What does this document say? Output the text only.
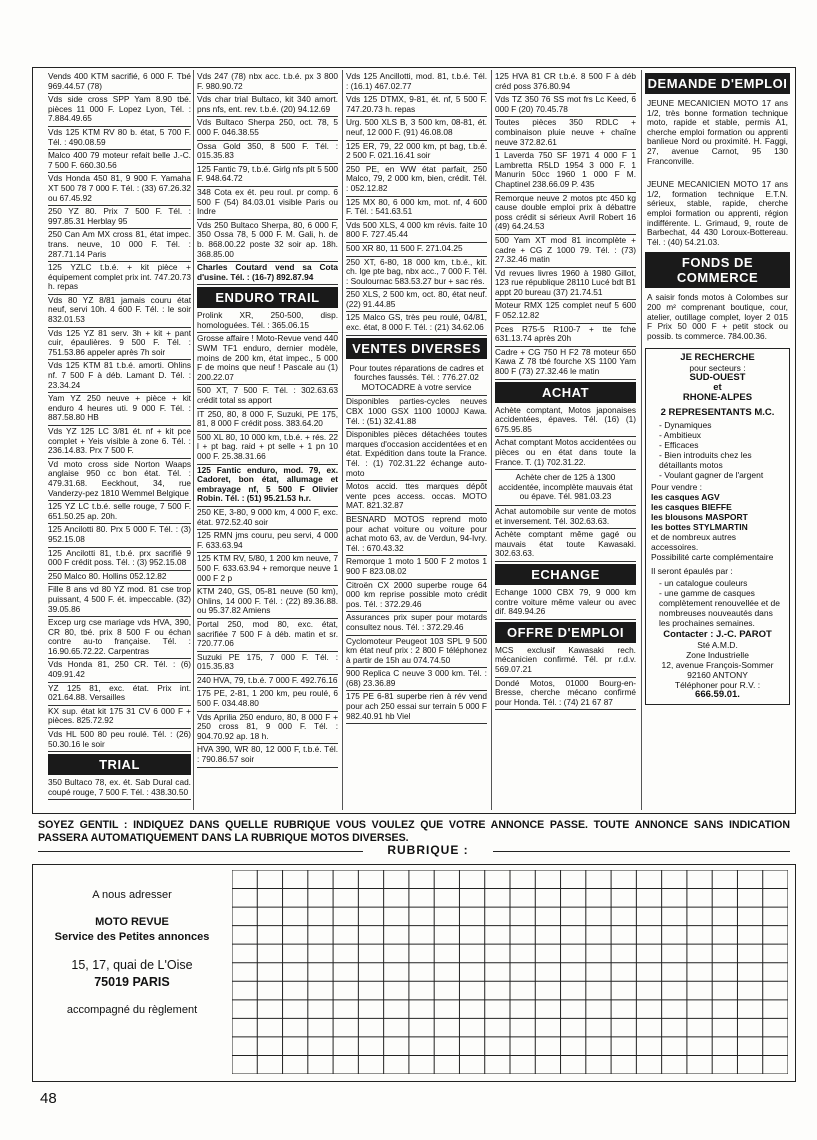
Vends 400 KTM sacrifié, 6 000 F. Tbé 969.44.57 (78)
Vds side cross SPP Yam 8.90 tbé. pièces 11 000 F. Lopez Lyon, Tél. : 7.884.49.65
Vds 125 KTM RV 80 b. état, 5 700 F. Tél. : 490.08.59
Malco 400 79 moteur refait belle J.-C. 7 500 F. 660.30.56
Vds Honda 450 81, 9 900 F. Yamaha XT 500 78 7 000 F. Tél. : (33) 67.26.32 ou 67.45.92
250 YZ 80. Prix 7 500 F. Tél. : 997.85.31 Herblay 95
250 Can Am MX cross 81, état impec. trans. neuve, 10 000 F. Tél. : 287.71.14 Paris
125 YZLC t.b.é. + kit pièce + équipement complet prix int. 747.20.73 h. repas
Vds 80 YZ 8/81 jamais couru état neuf, servi 10h. 4 600 F. Tél. : le soir 832.01.53
Vds 125 YZ 81 serv. 3h + kit + pant cuir, épaulières. 9 500 F. Tél. : 751.53.86 appeler après 7h soir
Vds 125 KTM 81 t.b.é. amorti. Ohlins nf. 7 500 F à déb. Lamant D. Tél. : 23.34.24
Yam YZ 250 neuve + pièce + kit enduro 4 heures uti. 9 000 F. Tél. : 887.58.80 HB
Vds YZ 125 LC 3/81 ét. nf + kit pce complet + Yeis visible à zone 6. Tél. : 236.14.83. Prx 7 500 F.
Vd moto cross side Norton Waaps anglaise 950 cc bon état. Tél. : 479.31.68. Eeckhout, 34, rue Vanderzy-pez 1810 Wemmel Belgique
125 YZ LC t.b.é. selle rouge, 7 500 F. 651.50.25 ap. 20h.
125 Ancilotti 80. Prx 5 000 F. Tél. : (3) 952.15.08
125 Ancilotti 81, t.b.é. prx sacrifié 9 000 F crédit poss. Tél. : (3) 952.15.08
250 Malco 80. Hollins 052.12.82
Fille 8 ans vd 80 YZ mod. 81 cse trop puissant, 4 500 F. ét. impeccable. (32) 39.05.86
Excep urg cse mariage vds HVA, 390, CR 80, tbé. prix 8 500 F ou échan contre au-to française. Tél. : 16.90.65.72.22. Carpentras
Vds Honda 81, 250 CR. Tél. : (6) 409.91.42
YZ 125 81, exc. état. Prix int. 021.64.88. Versailles
KX sup. état kit 175 31 CV 6 000 F + pièces. 825.72.92
Vds HL 500 80 peu roulé. Tél. : (26) 50.30.16 le soir
TRIAL
350 Bultaco 78, ex. ét. Sab Dural cad. coupé rouge, 7 500 F. Tél. : 438.30.50
Vds 247 (78) nbx acc. t.b.é. px 3 800 F. 980.90.72
Vds char trial Bultaco, kit 340 amort. pns nfs, ent. rev. t.b.é. (20) 94.12.69
Vds Bultaco Sherpa 250, oct. 78, 5 000 F. 046.38.55
Ossa Gold 350, 8 500 F. Tél. : 015.35.83
125 Fantic 79, t.b.é. Girlg nfs plt 5 500 F. 948.64.72
348 Cota ex ét. peu roul. pr comp. 6 500 F (54) 84.03.01 visible Paris ou Indre
Vds 250 Bultaco Sherpa, 80, 6 000 F, 350 Ossa 78, 5 000 F. M. Gali, h. de b. 868.00.22 poste 32 soir ap. 18h. 368.85.00
Charles Coutard vend sa Cota d'usine. Tél. : (16-7) 892.87.94
ENDURO TRAIL
Prolink XR, 250-500, disp. homologuées. Tél. : 365.06.15
Grosse affaire ! Moto-Revue vend 440 SWM TF1 enduro, dernier modèle, moins de 200 km, état impec., 5 000 F de moins que neuf ! Pascale au (1) 200.22.07
500 XT, 7 500 F. Tél. : 302.63.63 crédit total ss apport
IT 250, 80, 8 000 F, Suzuki, PE 175, 81, 8 000 F crédit poss. 383.64.20
500 XL 80, 10 000 km, t.b.é. + rés. 22 l + pt bag. raid + pt selle + 1 pn 10 000 F. 25.38.31.66
125 Fantic enduro, mod. 79, ex. Cadoret, bon état, allumage et embrayage nf, 5 500 F Olivier Robin. Tél. : (51) 95.21.53 h.r.
250 KE, 3-80, 9 000 km, 4 000 F, exc. état. 972.52.40 soir
125 RMN jms couru, peu servi, 4 000 F. 633.63.94
125 KTM RV, 5/80, 1 200 km neuve, 7 500 F. 633.63.94 + remorque neuve 1 000 F 2 p
KTM 240, GS, 05-81 neuve (50 km), Ohlins, 14 000 F. Tél. : (22) 89.36.88. ou 95.37.82 Amiens
Portal 250, mod 80, exc. état, sacrifiée 7 500 F à déb. matin et sr. 720.77.06
Suzuki PE 175, 7 000 F. Tél. : 015.35.83
240 HVA, 79, t.b.é. 7 000 F. 492.76.16
175 PE, 2-81, 1 200 km, peu roulé, 6 500 F. 034.48.80
Vds Aprilia 250 enduro, 80, 8 000 F + 250 cross 81, 9 000 F. Tél. : 904.70.92 ap. 18 h.
HVA 390, WR 80, 12 000 F, t.b.é. Tél. : 790.86.57 soir
Vds 125 Ancillotti, mod. 81, t.b.é. Tél. : (16.1) 467.02.77
Vds 125 DTMX, 9-81, ét. nf, 5 500 F. 747.20.73 h. repas
Urg. 500 XLS B, 3 500 km, 08-81, ét. neuf, 12 000 F. (91) 46.08.08
125 ER, 79, 22 000 km, pt bag, t.b.é. 2 500 F. 021.16.41 soir
250 PE, en WW état parfait, 250 Malco, 79, 2 000 km, bien, crédit. Tél. : 052.12.82
125 MX 80, 6 000 km, mot. nf, 4 600 F. Tél. : 541.63.51
Vds 500 XLS, 4 000 km révis. faite 10 800 F. 727.45.44
500 XR 80, 11 500 F. 271.04.25
250 XT, 6-80, 18 000 km, t.b.é., kit. ch. lge pte bag, nbx acc., 7 000 F. Tél. : Soulournac 583.53.27 bur + sac rés.
250 XLS, 2 500 km, oct. 80, état neuf. (22) 91.44.85
125 Malco GS, très peu roulé, 04/81, exc. état, 8 000 F. Tél. : (21) 34.62.06
VENTES DIVERSES
Pour toutes réparations de cadres et fourches faussés. Tél. : 776.27.02 MOTOCADRE à votre service
Disponibles parties-cycles neuves CBX 1000 GSX 1100 1000J Kawa. Tél. : (51) 32.41.88
Disponibles pièces détachées toutes marques d'occasion accidentées et en état. Expédition dans toute la France. Tél. : (1) 702.31.22 échange auto-moto
Motos accid. ttes marques dépôt vente pces access. occas. MOTO MAT. 821.32.87
BESNARD MOTOS reprend moto pour achat voiture ou voiture pour achat moto 63, av. de Verdun, 94-Ivry. Tél. : 670.43.32
Remorque 1 moto 1 500 F 2 motos 1 900 F 823.08.02
Citroën CX 2000 superbe rouge 64 000 km reprise possible moto crédit pos. Tél. : 372.29.46
Assurances prix super pour motards consultez nous. Tél. : 372.29.46
Cyclomoteur Peugeot 103 SPL 9 500 km état neuf prix : 2 800 F téléphonez à partir de 15h au 074.74.50
900 Replica C neuve 3 000 km. Tél. : (68) 23.36.89
175 PE 6-81 superbe rien à rév vend pour ach 250 essai sur terrain 5 000 F 982.40.91 hb Viel
125 HVA 81 CR t.b.é. 8 500 F à déb créd poss 376.80.94
Vds TZ 350 76 SS mot frs Lc Keed, 6 000 F (20) 70.45.78
Toutes pièces 350 RDLC + combinaison pluie neuve + chaîne neuve 372.82.61
1 Laverda 750 SF 1971 4 000 F 1 Lambretta R5LD 1954 3 000 F. 1 Manurin 50cc 1960 1 000 F M. Chaptinel 238.66.09 P. 435
Remorque neuve 2 motos ptc 450 kg cause double emploi prix à débattre poss crédit si sérieux Avril Robert 16 (49) 64.24.53
500 Yam XT mod 81 incomplète + cadre + CG Z 1000 79. Tél. : (73) 27.32.46 matin
Vd revues livres 1960 à 1980 Gillot, 123 rue république 28110 Lucé bdt B1 appt 20 bureau (37) 21.74.51
Moteur RMX 125 complet neuf 5 600 F 052.12.82
Pces R75-5 R100-7 + tte fche 631.13.74 après 20h
Cadre + CG 750 H F2 78 moteur 650 Kawa Z 78 tbé fourche XS 1100 Yam 800 F (73) 27.32.46 le matin
ACHAT
Achète comptant, Motos japonaises accidentées, épaves. Tél. (16) (1) 675.95.85
Achat comptant Motos accidentées ou pièces ou en état dans toute la France. T. (1) 702.31.22.
Achète cher de 125 à 1300 accidentée, incomplète mauvais état ou épave. Tél. 981.03.23
Achat automobile sur vente de motos et inversement. Tél. 302.63.63.
Achète comptant même gagé ou mauvais état toute Kawasaki. 302.63.63.
ECHANGE
Echange 1000 CBX 79, 9 000 km contre voiture même valeur ou avec dif. 849.94.26
OFFRE D'EMPLOI
MCS exclusif Kawasaki rech. mécanicien confirmé. Tél. pr r.d.v. 569.07.21
Dondé Motos, 01000 Bourg-en-Bresse, cherche mécano confirmé pour Honda. Tél. : (74) 21 67 87
DEMANDE D'EMPLOI
JEUNE MECANICIEN MOTO 17 ans 1/2, très bonne formation technique moto, rapide et stable, permis A1, cherche emploi formation ou apprenti banlieue Nord ou proximité. H. Faggi, 27, avenue Carnot, 95 130 Franconville.
JEUNE MECANICIEN MOTO 17 ans 1/2, formation technique E.T.N. sérieux, stable, rapide, cherche emploi formation ou apprenti, région indifférente. L. Grimaud, 9, route de Barbechat, 44 430 Loroux-Bottereau. Tél. : (40) 54.21.03.
FONDS DE COMMERCE
A saisir fonds motos à Colombes sur 200 m² comprenant boutique, cour, atelier, outillage complet, loyer 2 015 F Prix 50 000 F + petit stock ou possib. ts commerce. 784.00.36.
JE RECHERCHE
pour secteurs :
SUD-OUEST
et
RHONE-ALPES
2 REPRESENTANTS M.C.
- Dynamiques
- Ambitieux
- Efficaces
- Bien introduits chez les détaillants motos
- Voulant gagner de l'argent
Pour vendre :
les casques AGV
les casques BIEFFE
les blousons MASPORT
les bottes STYLMARTIN
et de nombreux autres accessoires.
Possibilité carte complémentaire
Il seront épaulés par :
- un catalogue couleurs
- une gamme de casques complètement renouvellée et de nombreuses nouveautés dans les prochaines semaines.
Contacter : J.-C. PAROT
Sté A.M.D.
Zone Industrielle
12, avenue François-Sommer
92160 ANTONY
Téléphoner pour R.V. :
666.59.01.
SOYEZ GENTIL : INDIQUEZ DANS QUELLE RUBRIQUE VOUS VOULEZ QUE VOTRE ANNONCE PASSE. TOUTE ANNONCE SANS INDICATION PASSERA AUTOMATIQUEMENT DANS LA RUBRIQUE MOTOS DIVERSES.
RUBRIQUE :
A nous adresser
MOTO REVUE
Service des Petites annonces
15, 17, quai de L'Oise
75019 PARIS
accompagné du règlement
48
